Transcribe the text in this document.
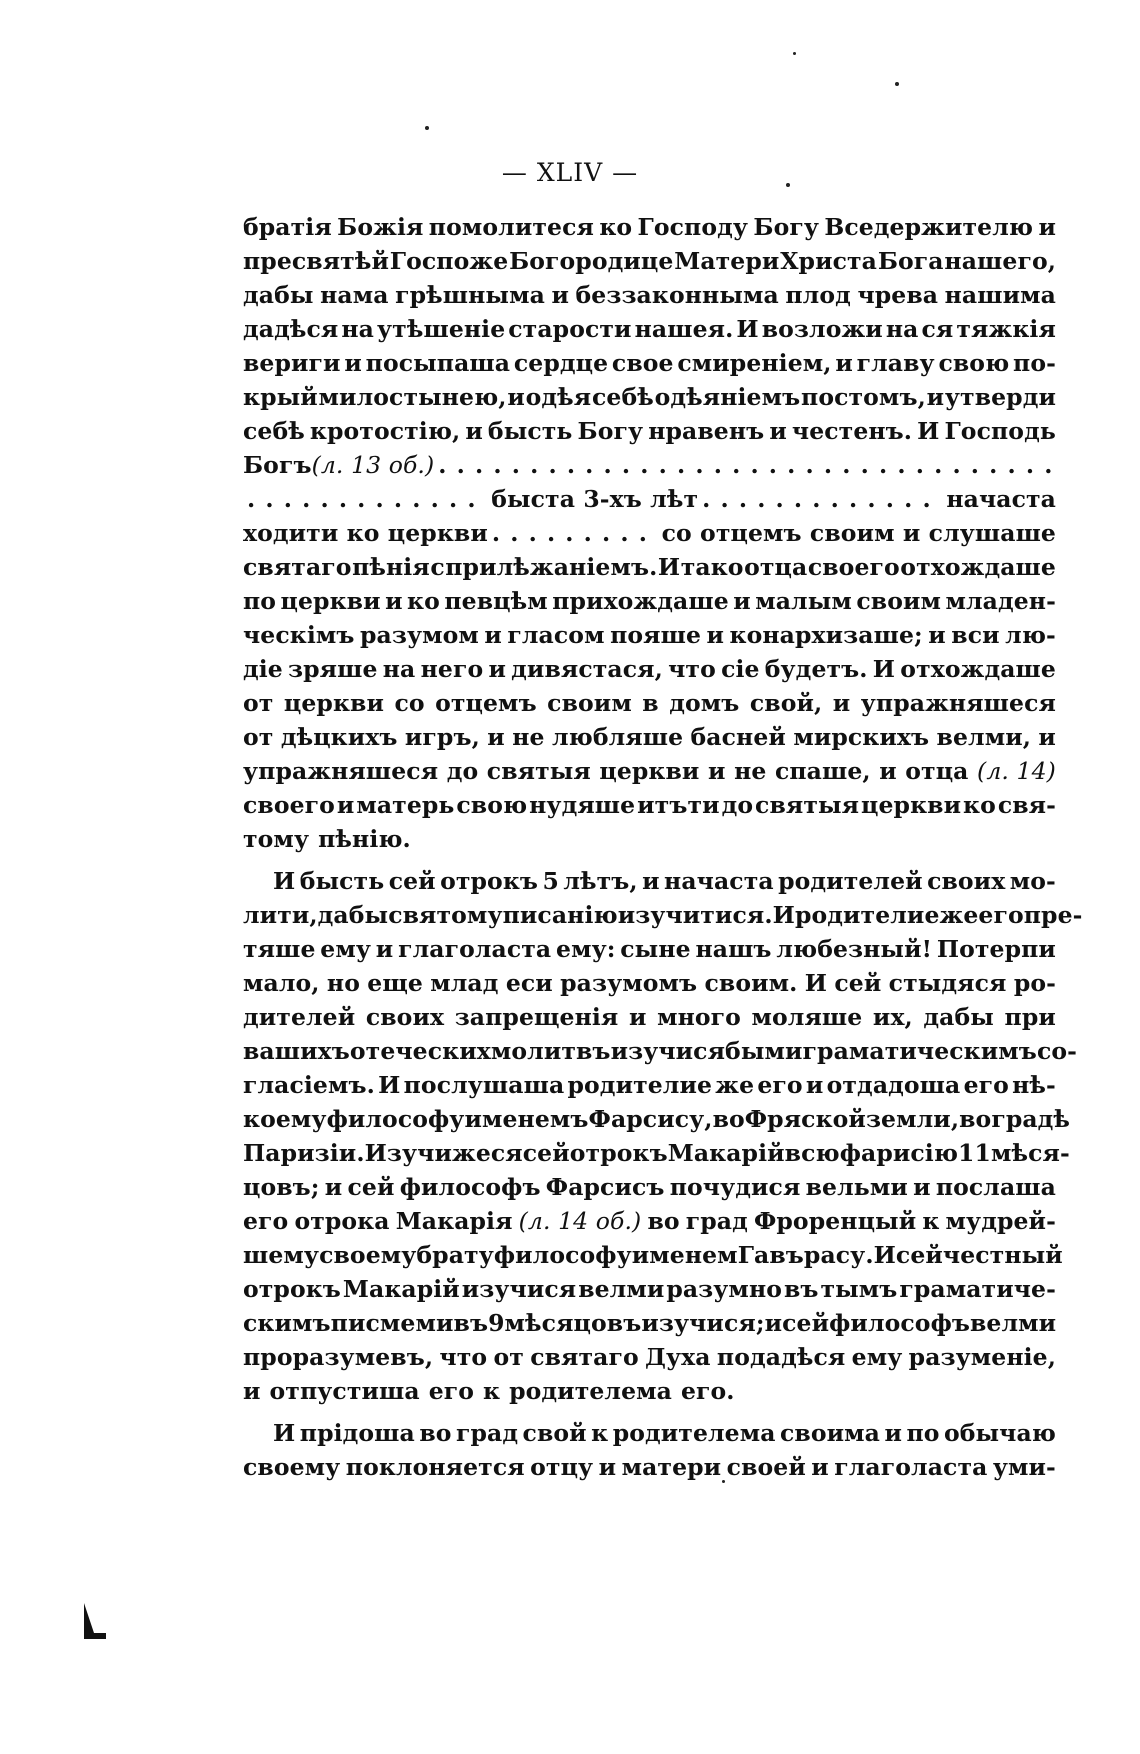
— XLIV —
братія Божія помолитеся ко Господу Богу Вседержителю и
пресвятѣй Госпоже Богородице Матери Христа Бога нашего,
дабы нама грѣшныма и беззаконныма плод чрева нашима
дадѣся на утѣшеніе старости нашея. И возложи на ся тяжкія
вериги и посыпаша сердце свое смиреніем, и главу свою по-
крый милостынею, и одѣя себѣ одѣяніемъ постомъ, и утверди
себѣ кротостію, и бысть Богу нравенъ и честенъ. И Господь
Богъ (л. 13 об.)
. . .
. . .
быста 3-хъ лѣт . . .	начаста
ходити ко церкви . . .	со отцемъ своим и слушаше
святаго пѣнія с прилѣжаніемъ. И тако отца своего отхождаше
по церкви и ко певцѣм прихождаше и малым своим младен-
ческімъ разумом и гласом пояше и конархизаше; и вси лю-
діе зряше на него и дивястася, что сіе будетъ. И отхождаше
от церкви со отцемъ своим в домъ свой, и упражняшеся
от дѣцкихъ игръ, и не любляше басней мирскихъ велми, и
упражняшеся до святыя церкви и не спаше, и отца (л. 14)
своего и матерь свою нудяше итъти до святыя церкви ко свя-
тому пѣнію.
И бысть сей отрокъ 5 лѣтъ, и начаста родителей своих мо-
лити, дабы святому писанію изучитися. И родителие же его пре-
тяше ему и глаголаста ему: сыне нашъ любезный! Потерпи
мало, но еще млад еси разумомъ своим. И сей стыдяся ро-
дителей своих запрещенія и много моляше их, дабы при
вашихъ отеческих молитвъ изучися бы ми граматическимъ со-
гласіемъ. И послушаша родителие же его и отдадоша его нѣ-
коему философу именемъ Фарсису, во Фряской земли, во градѣ
Паризіи. Изучи же ся сей отрокъ Макарій всю фарисію 11 мѣся-
цовъ; и сей философъ Фарсисъ почудися вельми и послаша
его отрока Макарія (л. 14 об.) во град Фроренцый к мудрей-
шему своему брату философу именем Гавърасу. И сей честный
отрокъ Макарій изучися велми разумно въ тымъ граматиче-
скимъ писмем и въ 9 мѣсяцовъ изучися; и сей философъ велми
проразумевъ, что от святаго Духа подадѣся ему разуменіе,
и отпустиша его к родителема его.
И прідоша во град свой к родителема своима и по обычаю
своему поклоняется отцу и матери своей и глаголаста уми-
